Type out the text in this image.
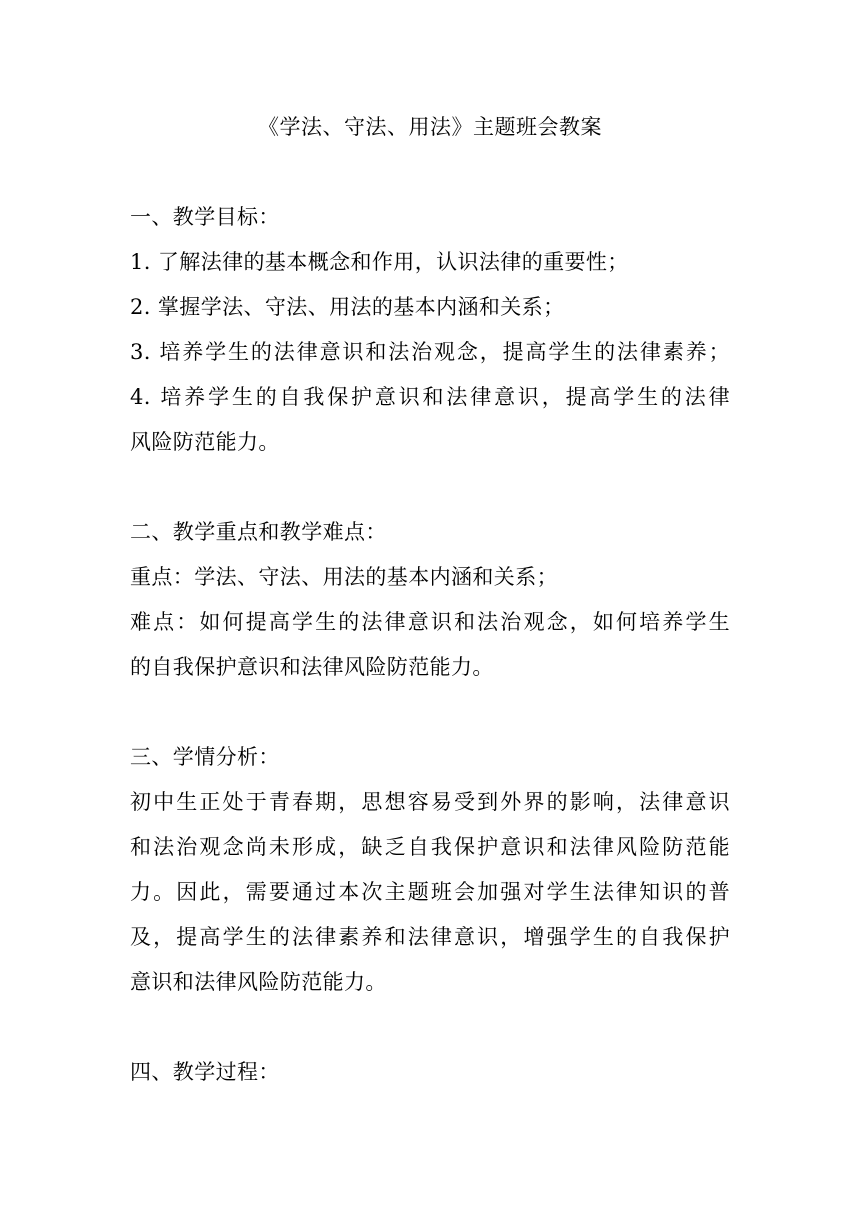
《学法、守法、用法》主题班会教案
一、教学目标：
1. 了解法律的基本概念和作用，认识法律的重要性；
2. 掌握学法、守法、用法的基本内涵和关系；
3. 培养学生的法律意识和法治观念，提高学生的法律素养；
4. 培养学生的自我保护意识和法律意识，提高学生的法律
风险防范能力。
二、教学重点和教学难点：
重点：学法、守法、用法的基本内涵和关系；
难点：如何提高学生的法律意识和法治观念，如何培养学生
的自我保护意识和法律风险防范能力。
三、学情分析：
初中生正处于青春期，思想容易受到外界的影响，法律意识
和法治观念尚未形成，缺乏自我保护意识和法律风险防范能
力。因此，需要通过本次主题班会加强对学生法律知识的普
及，提高学生的法律素养和法律意识，增强学生的自我保护
意识和法律风险防范能力。
四、教学过程：
